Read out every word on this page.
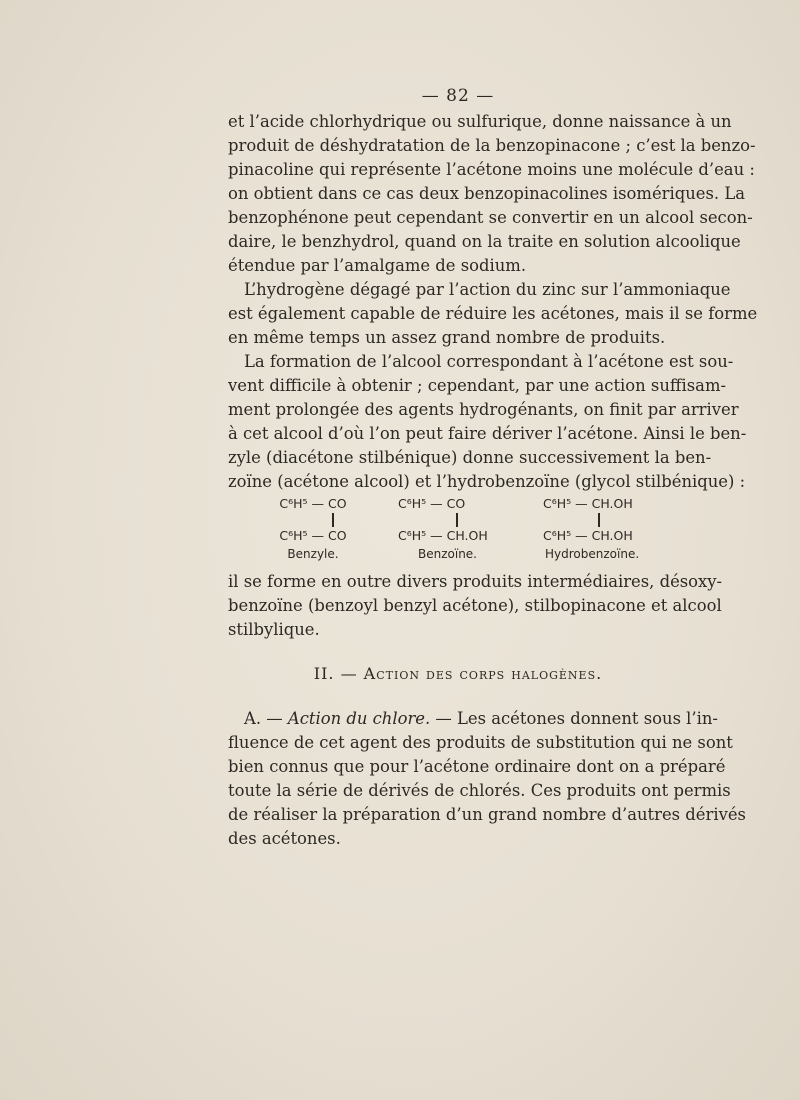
— 82 —
et l’acide chlorhydrique ou sulfurique, donne naissance à un
produit de déshydratation de la benzopinacone ; c’est la benzo-
pinacoline qui représente l’acétone moins une molécule d’eau :
on obtient dans ce cas deux benzopinacolines isomériques. La
benzophénone peut cependant se convertir en un alcool secon-
daire, le benzhydrol, quand on la traite en solution alcoolique
étendue par l’amalgame de sodium.
L’hydrogène dégagé par l’action du zinc sur l’ammoniaque
est également capable de réduire les acétones, mais il se forme
en même temps un assez grand nombre de produits.
La formation de l’alcool correspondant à l’acétone est sou-
vent difficile à obtenir ; cependant, par une action suffisam-
ment prolongée des agents hydrogénants, on finit par arriver
à cet alcool d’où l’on peut faire dériver l’acétone. Ainsi le ben-
zyle (diacétone stilbénique) donne successivement la ben-
zoïne (acétone alcool) et l’hydrobenzoïne (glycol stilbénique) :
C⁶H⁵ — CO
C⁶H⁵ — CO
Benzyle.
C⁶H⁵ — CO
C⁶H⁵ — CH.OH
Benzoïne.
C⁶H⁵ — CH.OH
C⁶H⁵ — CH.OH
Hydrobenzoïne.
il se forme en outre divers produits intermédiaires, désoxy-
benzoïne (benzoyl benzyl acétone), stilbopinacone et alcool
stilbylique.
II. — Action des corps halogènes.
A. — Action du chlore. — Les acétones donnent sous l’in-
fluence de cet agent des produits de substitution qui ne sont
bien connus que pour l’acétone ordinaire dont on a préparé
toute la série de dérivés de chlorés. Ces produits ont permis
de réaliser la préparation d’un grand nombre d’autres dérivés
des acétones.
